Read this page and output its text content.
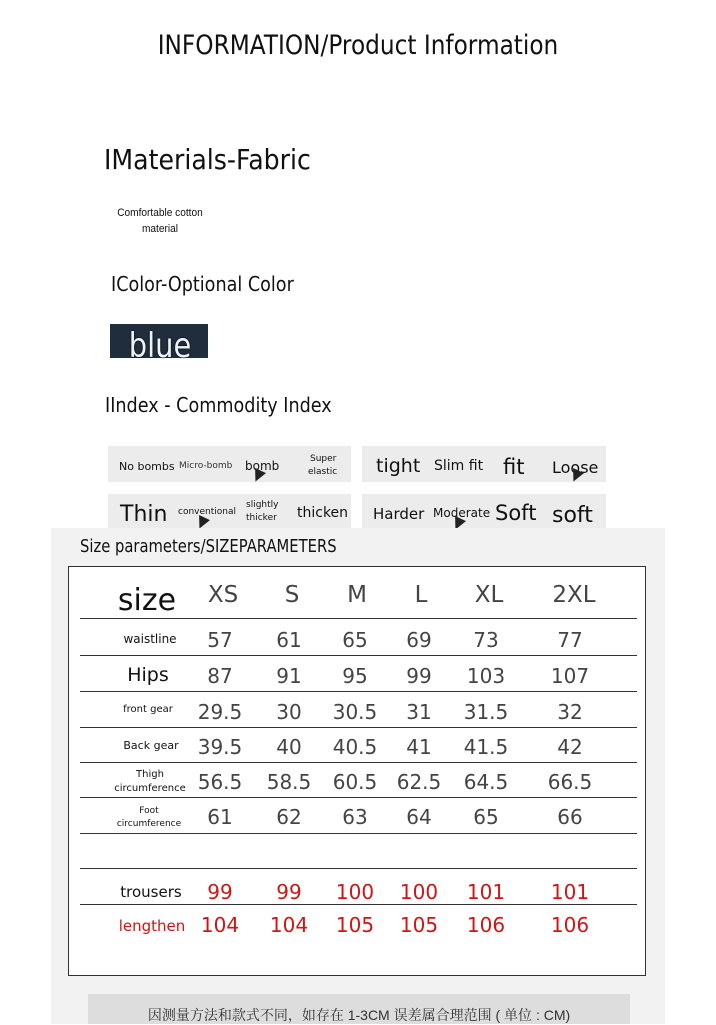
INFORMATION/Product Information
IMaterials-Fabric
Comfortable cotton
material
IColor-Optional Color
blue
IIndex - Commodity Index
No bombs Micro-bomb bomb	Super
elastic tight Slim fit fit Loose
Thin conventional
slightly
thicker thicken Harder Moderate Soft soft
Size parameters/SIZEPARAMETERS
size	XS	S	M	L	XL	2XL
waistline	57	61	65	69	73	77
Hips	87	91	95	99	103	107
front gear	29.5	30	30.5	31	31.5	32
Back gear 39.5	40	40.5	41	41.5	42
Thigh
circumference 56.5	58.5	60.5 62.5	64.5	66.5
Foot
circumference	61	62	63	64	65	66
trousers	99	99	100	100	101	101
lengthen 104	104	105	105	106	106
因测量方法和款式不同，如存在 1-3CM 误差属合理范围 ( 单位 : CM)
